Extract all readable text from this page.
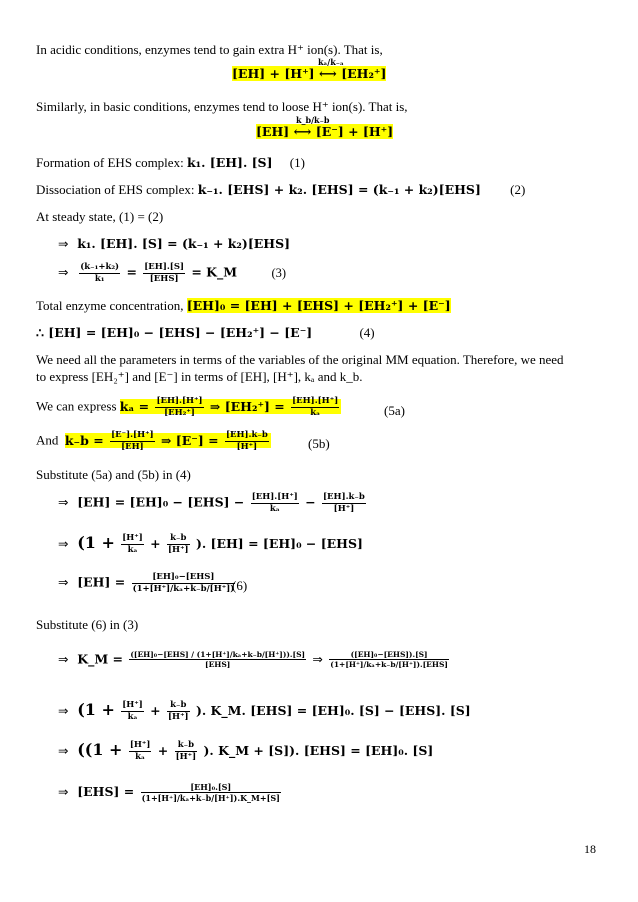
In acidic conditions, enzymes tend to gain extra H⁺ ion(s). That is,
kₐ/k₋ₐ
[EH] + [H⁺] ⟷ [EH₂⁺]
Similarly, in basic conditions, enzymes tend to loose H⁺ ion(s). That is,
k_b/k₋b
[EH] ⟷ [E⁻] + [H⁺]
Formation of EHS complex: k₁. [EH]. [S] (1)
Dissociation of EHS complex: k₋₁. [EHS] + k₂. [EHS] = (k₋₁ + k₂)[EHS] (2)
At steady state, (1) = (2)
⇒ k₁. [EH]. [S] = (k₋₁ + k₂)[EHS]
⇒ $\frac{\text{(k₋₁+k₂)}}{\text{k₁}} = \frac{[EH].[S]}{\text{[EHS]}}$ = K_M	(3)
Total enzyme concentration, [EH]₀ = [EH] + [EHS] + [EH₂⁺] + [E⁻]
∴ [EH] = [EH]₀ − [EHS] − [EH₂⁺] − [E⁻]	(4)
We need all the parameters in terms of the variables of the original MM equation. Therefore, we need
to express [EH₂⁺] and [E⁻] in terms of [EH], [H⁺], kₐ and k_b.
We can express $k_a = \frac{[EH].[H^+]}{\text{[EH₂⁺]}}$ ⇒ $[EH_2^+] = \frac{[EH].[H^+]}{\text{kₐ}}$	(5a)
And $k_-b = \frac{[E^-].[H^+]}{[EH]}$ ⇒ $[E^-] = \frac{[EH].k_-b}{[H^+]}$	(5b)
Substitute (5a) and (5b) in (4)
⇒ $[EH] = [EH]_0 - [EHS] - \frac{[EH].[H^+]}{\text{kₐ}} - \frac{[EH].k_-b}{[H^+]}$
⇒ ($1 + \frac{[H^+]}{\text{kₐ}} + \frac{k_-b}{[H^+]}$ ). [EH] = [EH]₀ − [EHS]
⇒ $[EH] = \frac{\text{[EH]₀−[EHS]}}{\text{(1+[H⁺]/kₐ+k₋b/[H⁺])}}$
(6)
Substitute (6) in (3)
⇒ K_M = $\frac{\text{([EH]₀−[EHS] / (1+[H⁺]/kₐ+k₋b/[H⁺])).[S]}}{\text{[EHS]}}$ ⇒ $\frac{\text{([EH]₀−[EHS]).[S]}}{\text{(1+[H⁺]/kₐ+k₋b/[H⁺]).[EHS]}}$
⇒ ($1 + \frac{[H^+]}{\text{kₐ}} + \frac{k_-b}{[H^+]}$ ). K_M. [EHS] = [EH]₀. [S] − [EHS]. [S]
⇒ (($1 + \frac{[H^+]}{\text{kₐ}} + \frac{k_-b}{[H^+]}$ ). K_M + [S]). [EHS] = [EH]₀. [S]
⇒ $[EHS] = \frac{\text{[EH]₀.[S]}}{\text{(1+[H⁺]/kₐ+k₋b/[H⁺]).K\_M+[S]}}$
18
